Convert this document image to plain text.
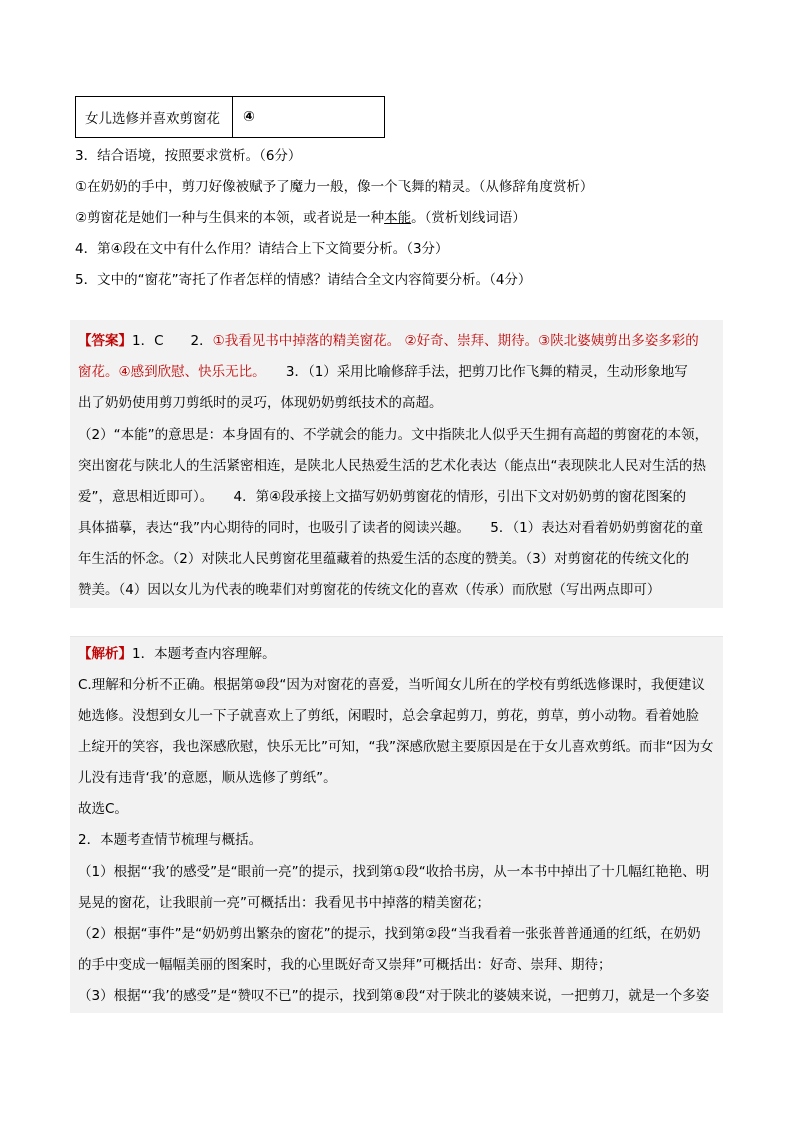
女儿选修并喜欢剪窗花	④
3．结合语境，按照要求赏析。（6分）
①在奶奶的手中，剪刀好像被赋予了魔力一般，像一个飞舞的精灵。（从修辞角度赏析）
②剪窗花是她们一种与生俱来的本领，或者说是一种本能。（赏析划线词语）
4．第④段在文中有什么作用？请结合上下文简要分析。（3分）
5．文中的“窗花”寄托了作者怎样的情感？请结合全文内容简要分析。（4分）
【答案】1．C　　2．①我看见书中掉落的精美窗花。 ②好奇、崇拜、期待。③陕北婆姨剪出多姿多彩的
窗花。④感到欣慰、快乐无比。　　3．（1）采用比喻修辞手法，把剪刀比作飞舞的精灵，生动形象地写
出了奶奶使用剪刀剪纸时的灵巧，体现奶奶剪纸技术的高超。
（2）“本能”的意思是：本身固有的、不学就会的能力。文中指陕北人似乎天生拥有高超的剪窗花的本领，
突出窗花与陕北人的生活紧密相连，是陕北人民热爱生活的艺术化表达（能点出“表现陕北人民对生活的热
爱”，意思相近即可）。　　4．第④段承接上文描写奶奶剪窗花的情形，引出下文对奶奶剪的窗花图案的
具体描摹，表达“我”内心期待的同时，也吸引了读者的阅读兴趣。　　5．（1）表达对看着奶奶剪窗花的童
年生活的怀念。（2）对陕北人民剪窗花里蕴藏着的热爱生活的态度的赞美。（3）对剪窗花的传统文化的
赞美。（4）因以女儿为代表的晚辈们对剪窗花的传统文化的喜欢（传承）而欣慰（写出两点即可）
【解析】1．本题考查内容理解。
C.理解和分析不正确。根据第⑩段“因为对窗花的喜爱，当听闻女儿所在的学校有剪纸选修课时，我便建议
她选修。没想到女儿一下子就喜欢上了剪纸，闲暇时，总会拿起剪刀，剪花，剪草，剪小动物。看着她脸
上绽开的笑容，我也深感欣慰，快乐无比”可知，“我”深感欣慰主要原因是在于女儿喜欢剪纸。而非“因为女
儿没有违背‘我’的意愿，顺从选修了剪纸”。
故选C。
2．本题考查情节梳理与概括。
（1）根据“‘我’的感受”是“眼前一亮”的提示，找到第①段“收拾书房，从一本书中掉出了十几幅红艳艳、明
晃晃的窗花，让我眼前一亮”可概括出：我看见书中掉落的精美窗花；
（2）根据“事件”是“奶奶剪出繁杂的窗花”的提示，找到第②段“当我看着一张张普普通通的红纸，在奶奶
的手中变成一幅幅美丽的图案时，我的心里既好奇又崇拜”可概括出：好奇、崇拜、期待；
（3）根据“‘我’的感受”是“赞叹不已”的提示，找到第⑧段“对于陕北的婆姨来说，一把剪刀，就是一个多姿
